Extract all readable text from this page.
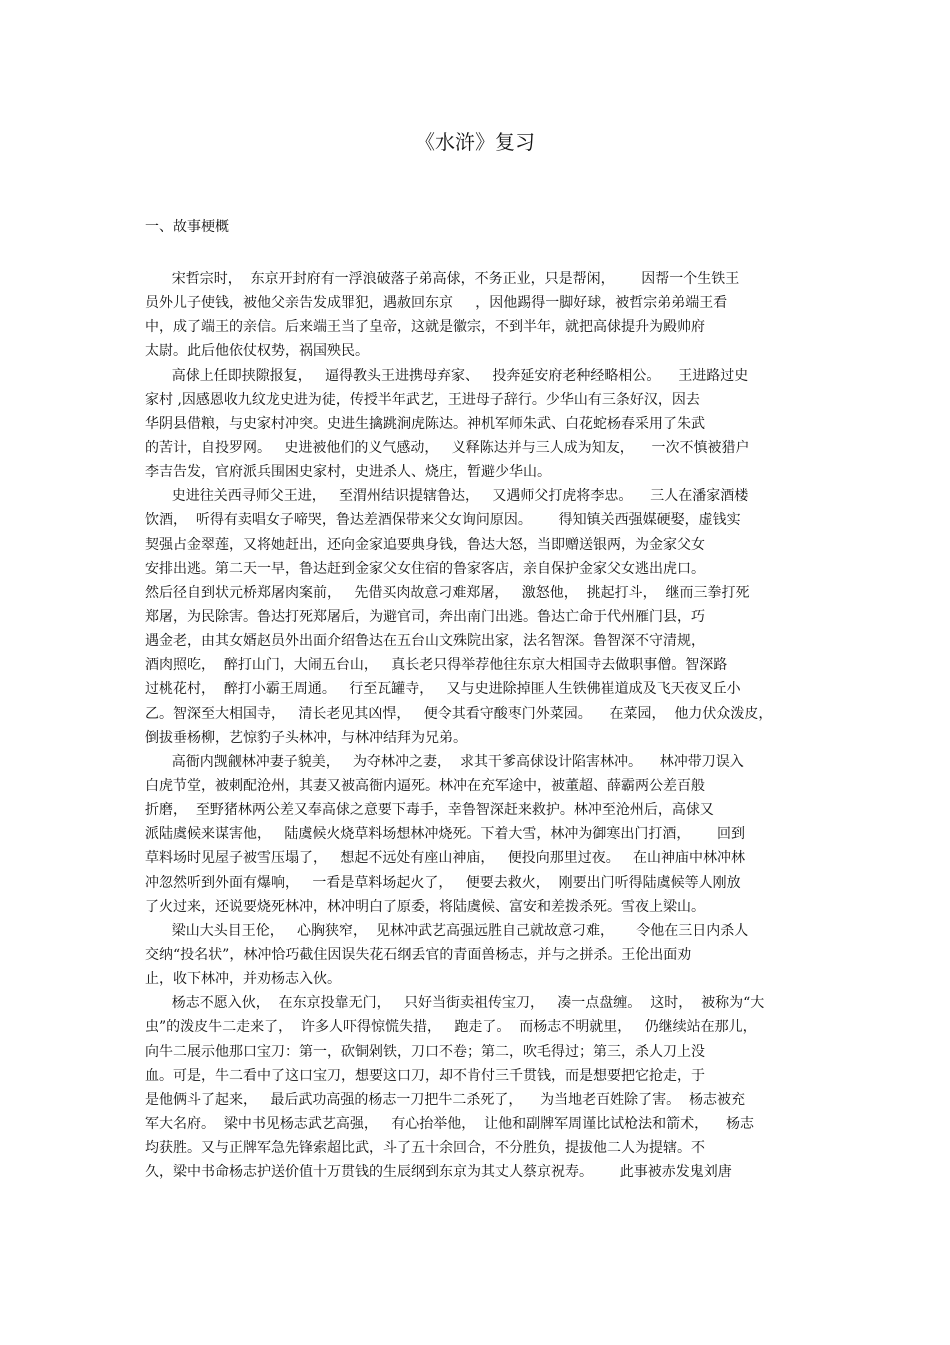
《水浒》复习
一、故事梗概
宋哲宗时，  东京开封府有一浮浪破落子弟高俅，不务正业，只是帮闲，      因帮一个生铁王
员外儿子使钱，被他父亲告发成罪犯，遇赦回东京     ，因他踢得一脚好球，被哲宗弟弟端王看
中，成了端王的亲信。后来端王当了皇帝，这就是徽宗，不到半年，就把高俅提升为殿帅府
太尉。此后他依仗权势，祸国殃民。
高俅上任即挟隙报复，   逼得教头王进携母弃家、   投奔延安府老种经略相公。    王进路过史
家村 ,因感恩收九纹龙史进为徒，传授半年武艺，王进母子辞行。少华山有三条好汉，因去
华阴县借粮，与史家村冲突。史进生擒跳涧虎陈达。神机军师朱武、白花蛇杨春采用了朱武
的苦计，自投罗网。   史进被他们的义气感动，   义释陈达并与三人成为知友，    一次不慎被猎户
李吉告发，官府派兵围困史家村，史进杀人、烧庄，暂避少华山。
史进往关西寻师父王进，   至渭州结识提辖鲁达，   又遇师父打虎将李忠。    三人在潘家酒楼
饮酒，  听得有卖唱女子啼哭，鲁达差酒保带来父女询问原因。      得知镇关西强媒硬娶，虚钱实
契强占金翠莲，又将她赶出，还向金家追要典身钱，鲁达大怒，当即赠送银两，为金家父女
安排出逃。第二天一早，鲁达赶到金家父女住宿的鲁家客店，亲自保护金家父女逃出虎口。
然后径自到状元桥郑屠肉案前，   先借买肉故意刁难郑屠，   激怒他，  挑起打斗，  继而三拳打死
郑屠，为民除害。鲁达打死郑屠后，为避官司，奔出南门出逃。鲁达亡命于代州雁门县，巧
遇金老，由其女婿赵员外出面介绍鲁达在五台山文殊院出家，法名智深。鲁智深不守清规，
酒肉照吃，  醉打山门，大闹五台山，   真长老只得举荐他往东京大相国寺去做职事僧。智深路
过桃花村，  醉打小霸王周通。   行至瓦罐寺，   又与史进除掉匪人生铁佛崔道成及飞天夜叉丘小
乙。智深至大相国寺，   清长老见其凶悍，   便令其看守酸枣门外菜园。    在菜园，  他力伏众泼皮，
倒拔垂杨柳，艺惊豹子头林冲，与林冲结拜为兄弟。
高衙内觊觎林冲妻子貌美，   为夺林冲之妻，  求其干爹高俅设计陷害林冲。    林冲带刀误入
白虎节堂，被刺配沧州，其妻又被高衙内逼死。林冲在充军途中，被董超、薛霸两公差百般
折磨，  至野猪林两公差又奉高俅之意要下毒手，幸鲁智深赶来救护。林冲至沧州后，高俅又
派陆虞候来谋害他，   陆虞候火烧草料场想林冲烧死。下着大雪，林冲为御寒出门打酒，      回到
草料场时见屋子被雪压塌了，   想起不远处有座山神庙，   便投向那里过夜。   在山神庙中林冲林
冲忽然听到外面有爆响，   一看是草料场起火了，   便要去救火，  刚要出门听得陆虞候等人刚放
了火过来，还说要烧死林冲，林冲明白了原委，将陆虞候、富安和差拨杀死。雪夜上梁山。
梁山大头目王伦，   心胸狭窄，  见林冲武艺高强远胜自己就故意刁难，     令他在三日内杀人
交纳“投名状”，林冲恰巧截住因误失花石纲丢官的青面兽杨志，并与之拼杀。王伦出面劝
止，收下林冲，并劝杨志入伙。
杨志不愿入伙，  在东京投靠无门，   只好当街卖祖传宝刀，   凑一点盘缠。  这时，  被称为“大
虫”的泼皮牛二走来了，  许多人吓得惊慌失措，   跑走了。  而杨志不明就里，   仍继续站在那儿，
向牛二展示他那口宝刀：第一，砍铜剁铁，刀口不卷；第二，吹毛得过；第三，杀人刀上没
血。可是，牛二看中了这口宝刀，想要这口刀，却不肯付三千贯钱，而是想要把它抢走，于
是他俩斗了起来，   最后武功高强的杨志一刀把牛二杀死了，    为当地老百姓除了害。  杨志被充
军大名府。  梁中书见杨志武艺高强，   有心抬举他，  让他和副牌军周谨比试枪法和箭术，    杨志
均获胜。又与正牌军急先锋索超比武，斗了五十余回合，不分胜负，提拔他二人为提辖。不
久，梁中书命杨志护送价值十万贯钱的生辰纲到东京为其丈人蔡京祝寿。      此事被赤发鬼刘唐
